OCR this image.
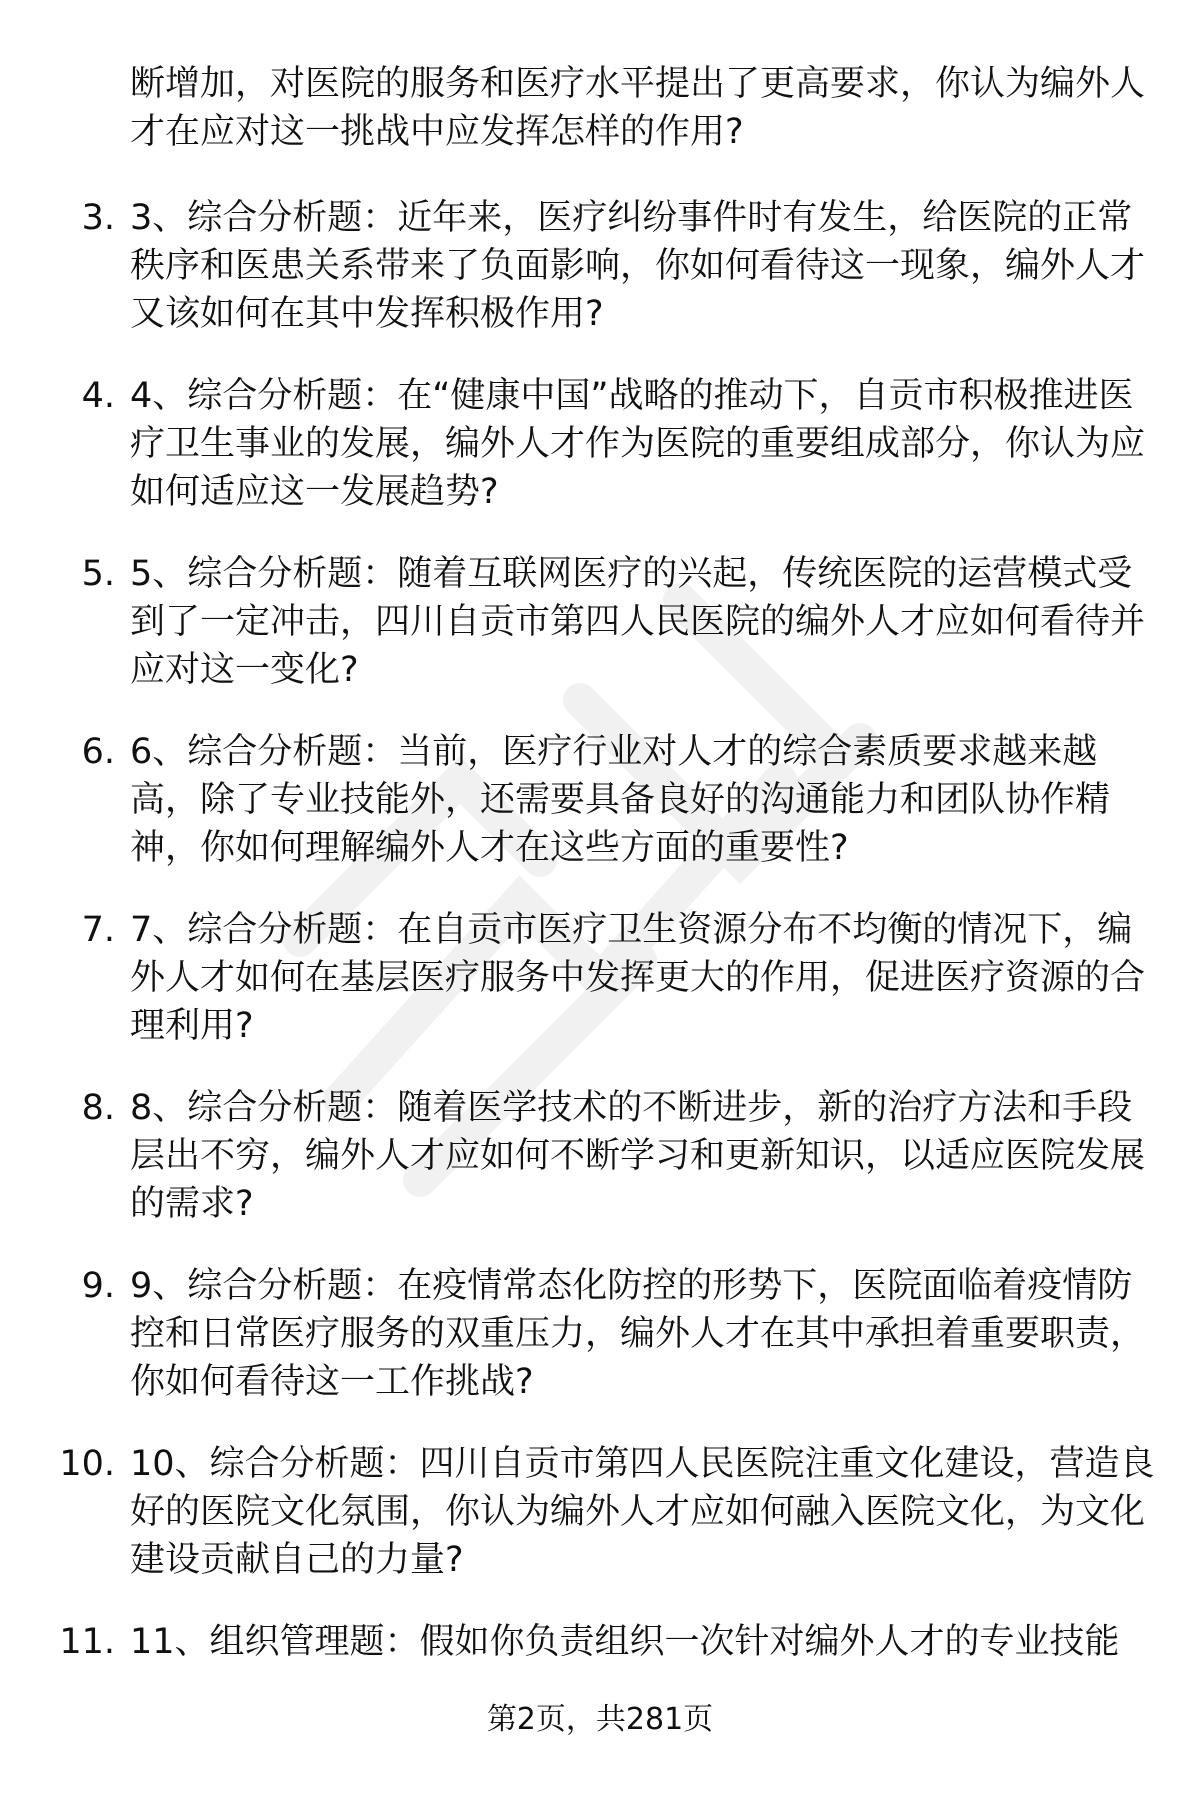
断增加，对医院的服务和医疗水平提出了更高要求，你认为编外人才在应对这一挑战中应发挥怎样的作用?
3. 3、综合分析题：近年来，医疗纠纷事件时有发生，给医院的正常秩序和医患关系带来了负面影响，你如何看待这一现象，编外人才又该如何在其中发挥积极作用?
4. 4、综合分析题：在“健康中国”战略的推动下，自贡市积极推进医疗卫生事业的发展，编外人才作为医院的重要组成部分，你认为应如何适应这一发展趋势?
5. 5、综合分析题：随着互联网医疗的兴起，传统医院的运营模式受到了一定冲击，四川自贡市第四人民医院的编外人才应如何看待并应对这一变化?
6. 6、综合分析题：当前，医疗行业对人才的综合素质要求越来越高，除了专业技能外，还需要具备良好的沟通能力和团队协作精神，你如何理解编外人才在这些方面的重要性?
7. 7、综合分析题：在自贡市医疗卫生资源分布不均衡的情况下，编外人才如何在基层医疗服务中发挥更大的作用，促进医疗资源的合理利用?
8. 8、综合分析题：随着医学技术的不断进步，新的治疗方法和手段层出不穷，编外人才应如何不断学习和更新知识，以适应医院发展的需求?
9. 9、综合分析题：在疫情常态化防控的形势下，医院面临着疫情防控和日常医疗服务的双重压力，编外人才在其中承担着重要职责，你如何看待这一工作挑战?
10. 10、综合分析题：四川自贡市第四人民医院注重文化建设，营造良好的医院文化氛围，你认为编外人才应如何融入医院文化，为文化建设贡献自己的力量?
11. 11、组织管理题：假如你负责组织一次针对编外人才的专业技能
第2页，共281页
